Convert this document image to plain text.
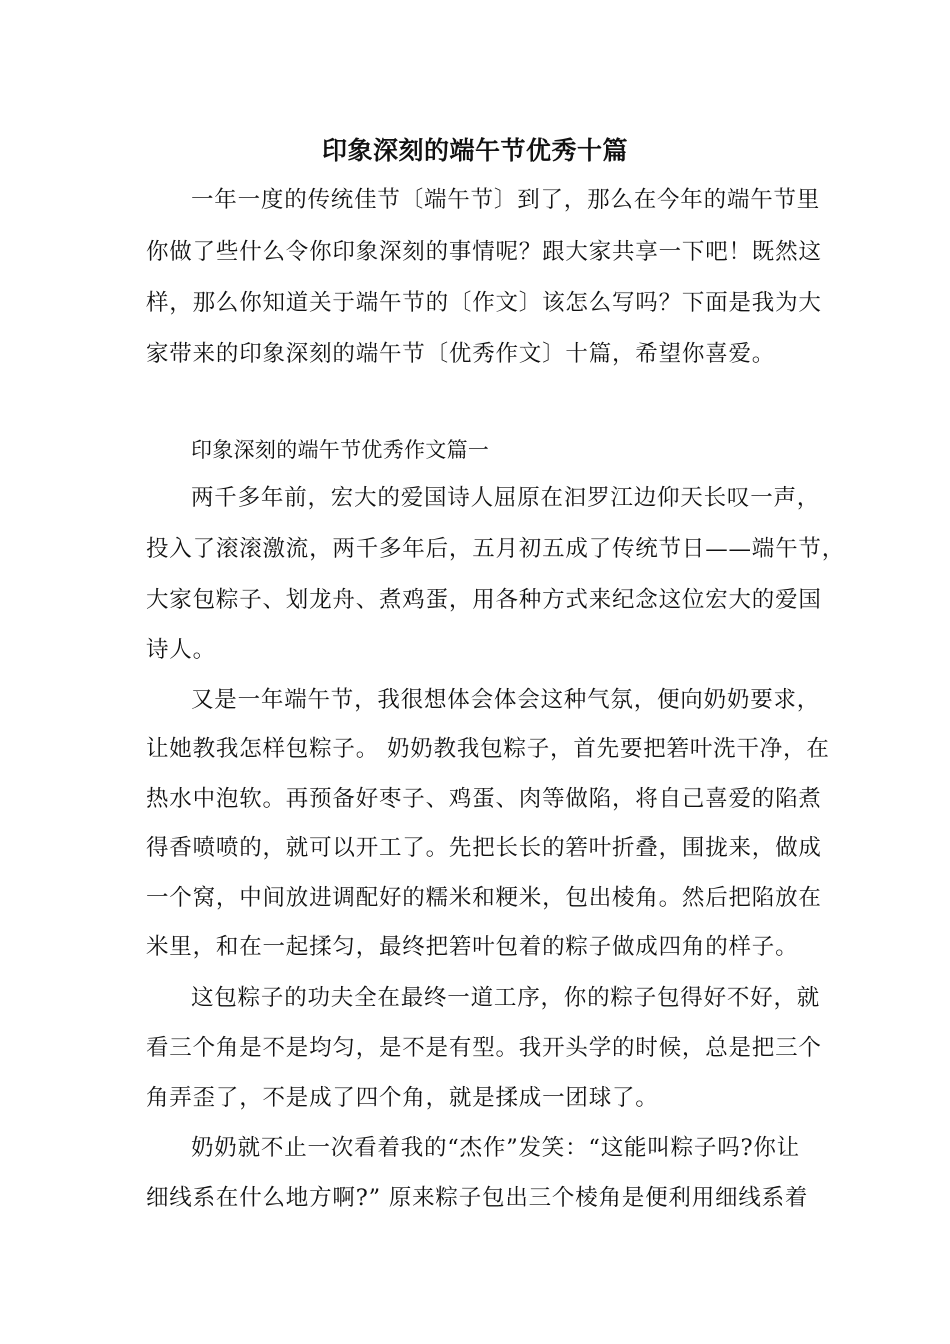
印象深刻的端午节优秀十篇
一年一度的传统佳节〔端午节〕到了，那么在今年的端午节里
你做了些什么令你印象深刻的事情呢？跟大家共享一下吧！既然这
样，那么你知道关于端午节的〔作文〕该怎么写吗？下面是我为大
家带来的印象深刻的端午节〔优秀作文〕十篇，希望你喜爱。
印象深刻的端午节优秀作文篇一
两千多年前，宏大的爱国诗人屈原在汩罗江边仰天长叹一声，
投入了滚滚激流，两千多年后，五月初五成了传统节日——端午节，
大家包粽子、划龙舟、煮鸡蛋，用各种方式来纪念这位宏大的爱国
诗人。
又是一年端午节，我很想体会体会这种气氛，便向奶奶要求，
让她教我怎样包粽子。 奶奶教我包粽子，首先要把箬叶洗干净，在
热水中泡软。再预备好枣子、鸡蛋、肉等做陷，将自己喜爱的陷煮
得香喷喷的，就可以开工了。先把长长的箬叶折叠，围拢来，做成
一个窝，中间放进调配好的糯米和粳米，包出棱角。然后把陷放在
米里，和在一起揉匀，最终把箬叶包着的粽子做成四角的样子。
这包粽子的功夫全在最终一道工序，你的粽子包得好不好，就
看三个角是不是均匀，是不是有型。我开头学的时候，总是把三个
角弄歪了，不是成了四个角，就是揉成一团球了。
奶奶就不止一次看着我的“杰作”发笑：“这能叫粽子吗?你让
细线系在什么地方啊?” 原来粽子包出三个棱角是便利用细线系着
